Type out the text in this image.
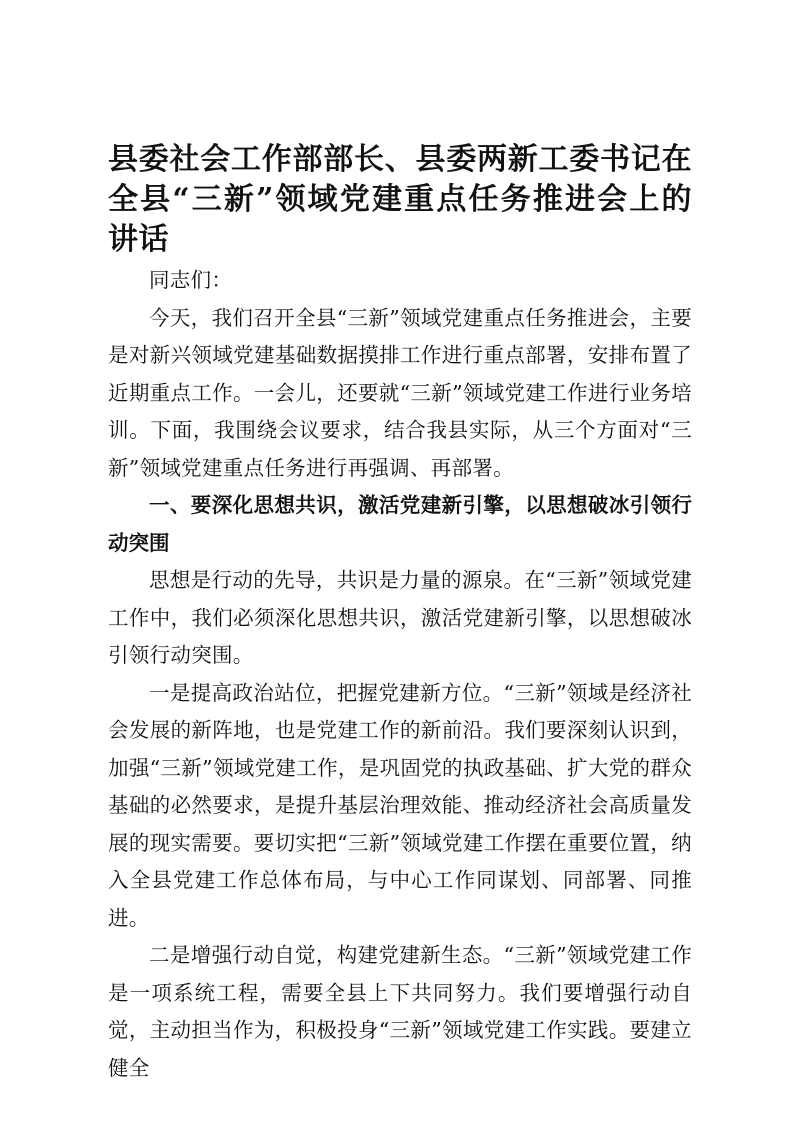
县委社会工作部部长、县委两新工委书记在全县“三新”领域党建重点任务推进会上的讲话

同志们：

今天，我们召开全县“三新”领域党建重点任务推进会，主要是对新兴领域党建基础数据摸排工作进行重点部署，安排布置了近期重点工作。一会儿，还要就“三新”领域党建工作进行业务培训。下面，我围绕会议要求，结合我县实际，从三个方面对“三新”领域党建重点任务进行再强调、再部署。

一、要深化思想共识，激活党建新引擎，以思想破冰引领行动突围

思想是行动的先导，共识是力量的源泉。在“三新”领域党建工作中，我们必须深化思想共识，激活党建新引擎，以思想破冰引领行动突围。

一是提高政治站位，把握党建新方位。“三新”领域是经济社会发展的新阵地，也是党建工作的新前沿。我们要深刻认识到，加强“三新”领域党建工作，是巩固党的执政基础、扩大党的群众基础的必然要求，是提升基层治理效能、推动经济社会高质量发展的现实需要。要切实把“三新”领域党建工作摆在重要位置，纳入全县党建工作总体布局，与中心工作同谋划、同部署、同推进。

二是增强行动自觉，构建党建新生态。“三新”领域党建工作是一项系统工程，需要全县上下共同努力。我们要增强行动自觉，主动担当作为，积极投身“三新”领域党建工作实践。要建立健全
